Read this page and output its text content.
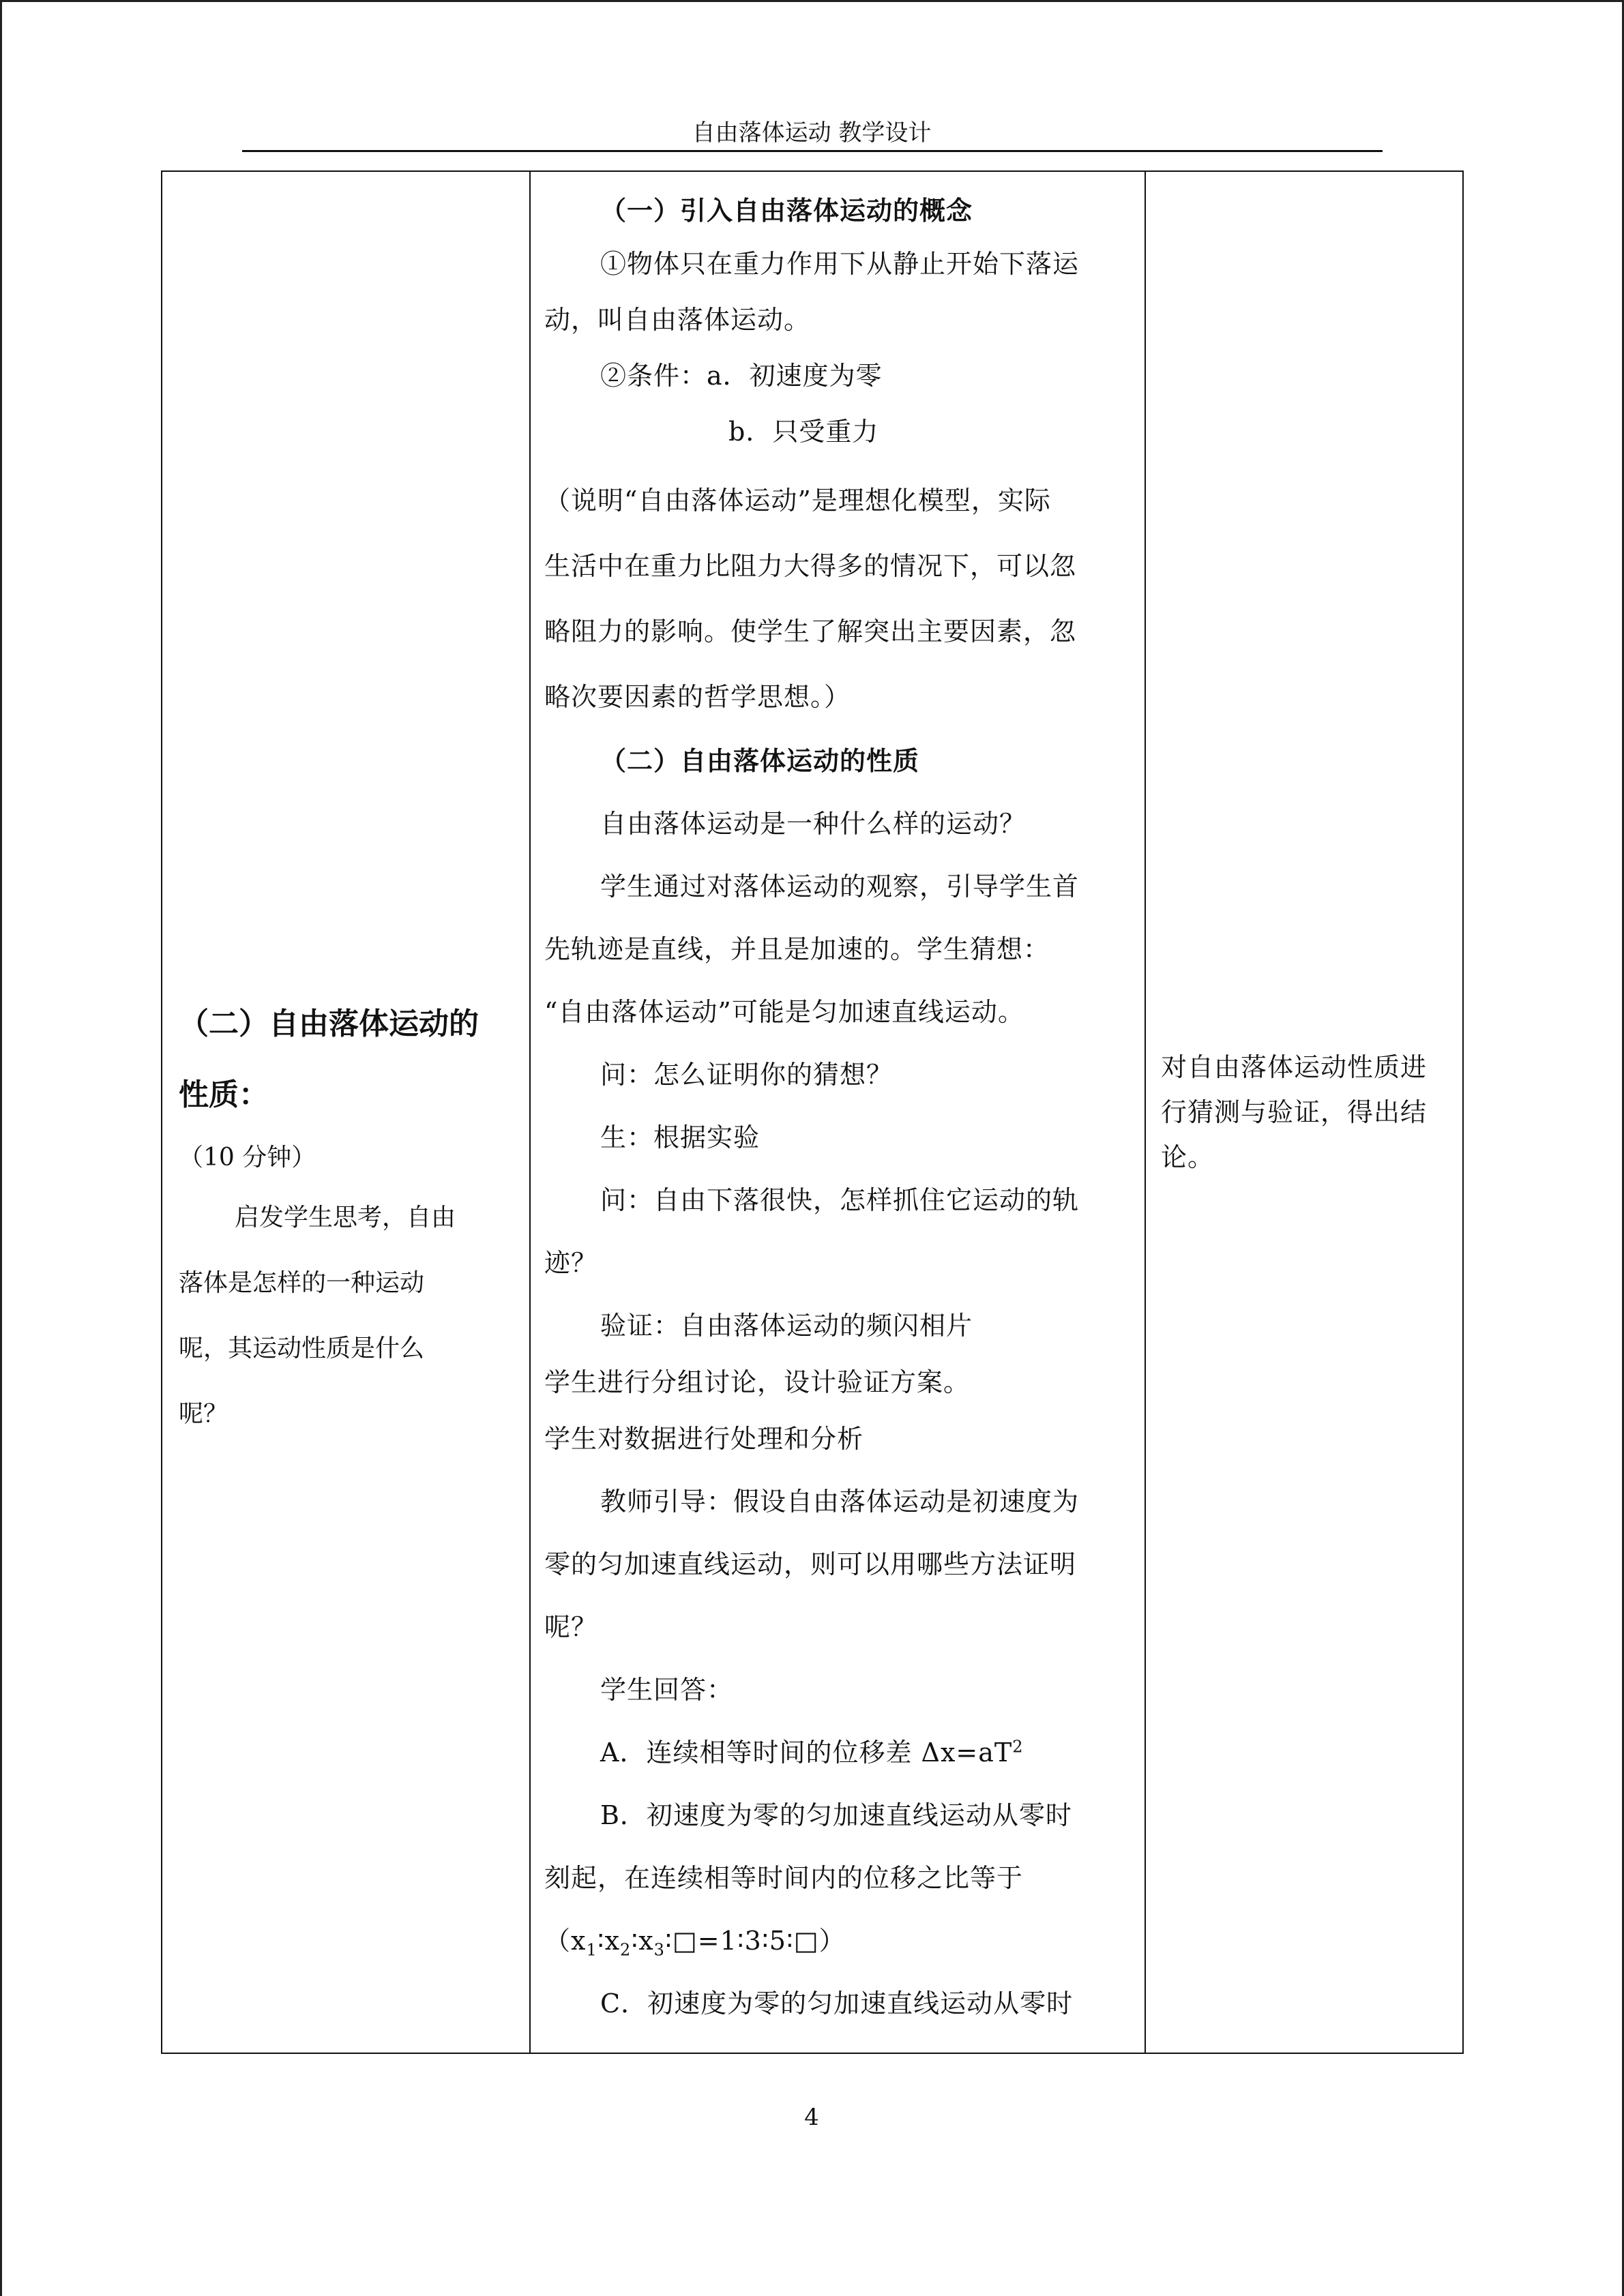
自由落体运动 教学设计

（二）自由落体运动的

性质：

（10 分钟）

启发学生思考，自由

落体是怎样的一种运动

呢，其运动性质是什么

呢？

（一）引入自由落体运动的概念

①物体只在重力作用下从静止开始下落运

动，叫自由落体运动。

②条件：a．初速度为零

b．只受重力

（说明“自由落体运动”是理想化模型，实际

生活中在重力比阻力大得多的情况下，可以忽

略阻力的影响。使学生了解突出主要因素，忽

略次要因素的哲学思想。）

（二）自由落体运动的性质

自由落体运动是一种什么样的运动？

学生通过对落体运动的观察，引导学生首

先轨迹是直线，并且是加速的。学生猜想：

“自由落体运动”可能是匀加速直线运动。

问：怎么证明你的猜想？

生：根据实验

问：自由下落很快，怎样抓住它运动的轨

迹？

验证：自由落体运动的频闪相片

学生进行分组讨论，设计验证方案。

学生对数据进行处理和分析

教师引导：假设自由落体运动是初速度为

零的匀加速直线运动，则可以用哪些方法证明

呢？

学生回答：

A．连续相等时间的位移差 $\Delta x=aT^2$

B．初速度为零的匀加速直线运动从零时

刻起，在连续相等时间内的位移之比等于

$(x_1∶x_2∶x_3∶□=1∶3∶5∶□)$

C．初速度为零的匀加速直线运动从零时

对自由落体运动性质进

行猜测与验证，得出结

论。

4
